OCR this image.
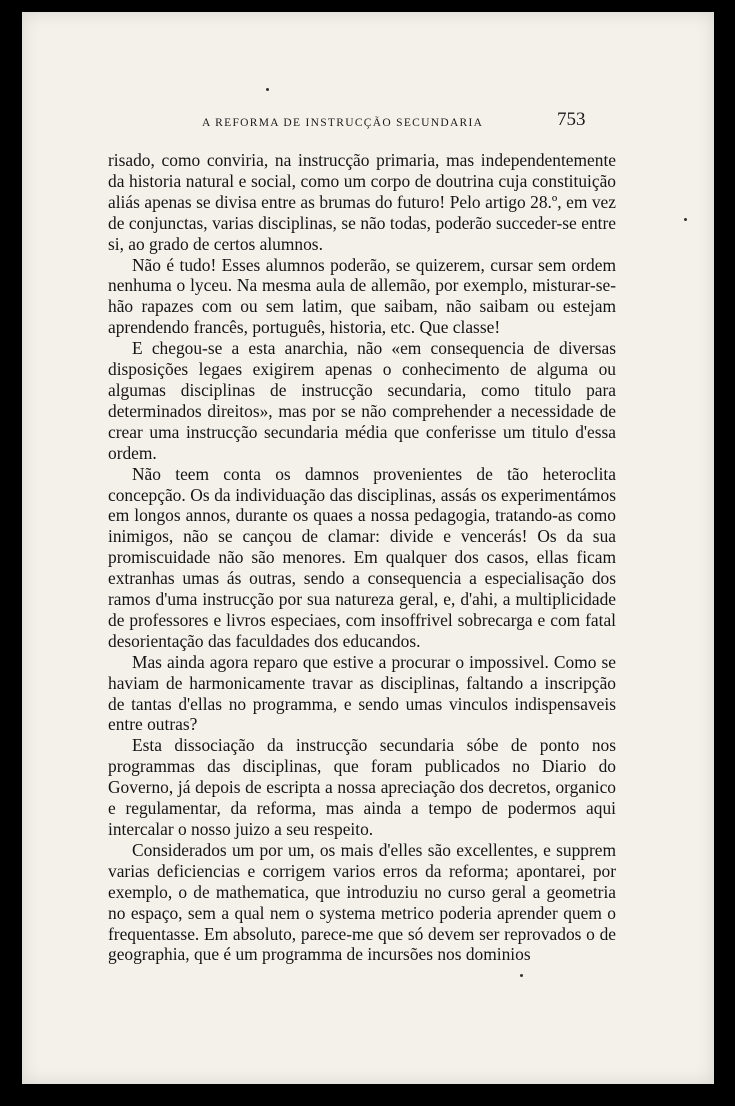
A REFORMA DE INSTRUCÇÃO SECUNDARIA	753

risado, como conviria, na instrucção primaria, mas independentemente da historia natural e social, como um corpo de doutrina cuja constituição aliás apenas se divisa entre as brumas do futuro! Pelo artigo 28.º, em vez de conjunctas, varias disciplinas, se não todas, poderão succeder-se entre si, ao grado de certos alumnos.

Não é tudo! Esses alumnos poderão, se quizerem, cursar sem ordem nenhuma o lyceu. Na mesma aula de allemão, por exemplo, misturar-se-hão rapazes com ou sem latim, que saibam, não saibam ou estejam aprendendo francês, português, historia, etc. Que classe!

E chegou-se a esta anarchia, não «em consequencia de diversas disposições legaes exigirem apenas o conhecimento de alguma ou algumas disciplinas de instrucção secundaria, como titulo para determinados direitos», mas por se não comprehender a necessidade de crear uma instrucção secundaria média que conferisse um titulo d'essa ordem.

Não teem conta os damnos provenientes de tão heteroclita concepção. Os da individuação das disciplinas, assás os experimentámos em longos annos, durante os quaes a nossa pedagogia, tratando-as como inimigos, não se cançou de clamar: divide e vencerás! Os da sua promiscuidade não são menores. Em qualquer dos casos, ellas ficam extranhas umas ás outras, sendo a consequencia a especialisação dos ramos d'uma instrucção por sua natureza geral, e, d'ahi, a multiplicidade de professores e livros especiaes, com insoffrivel sobrecarga e com fatal desorientação das faculdades dos educandos.

Mas ainda agora reparo que estive a procurar o impossivel. Como se haviam de harmonicamente travar as disciplinas, faltando a inscripção de tantas d'ellas no programma, e sendo umas vinculos indispensaveis entre outras?

Esta dissociação da instrucção secundaria sóbe de ponto nos programmas das disciplinas, que foram publicados no Diario do Governo, já depois de escripta a nossa apreciação dos decretos, organico e regulamentar, da reforma, mas ainda a tempo de podermos aqui intercalar o nosso juizo a seu respeito.

Considerados um por um, os mais d'elles são excellentes, e supprem varias deficiencias e corrigem varios erros da reforma; apontarei, por exemplo, o de mathematica, que introduziu no curso geral a geometria no espaço, sem a qual nem o systema metrico poderia aprender quem o frequentasse. Em absoluto, parece-me que só devem ser reprovados o de geographia, que é um programma de incursões nos dominios
